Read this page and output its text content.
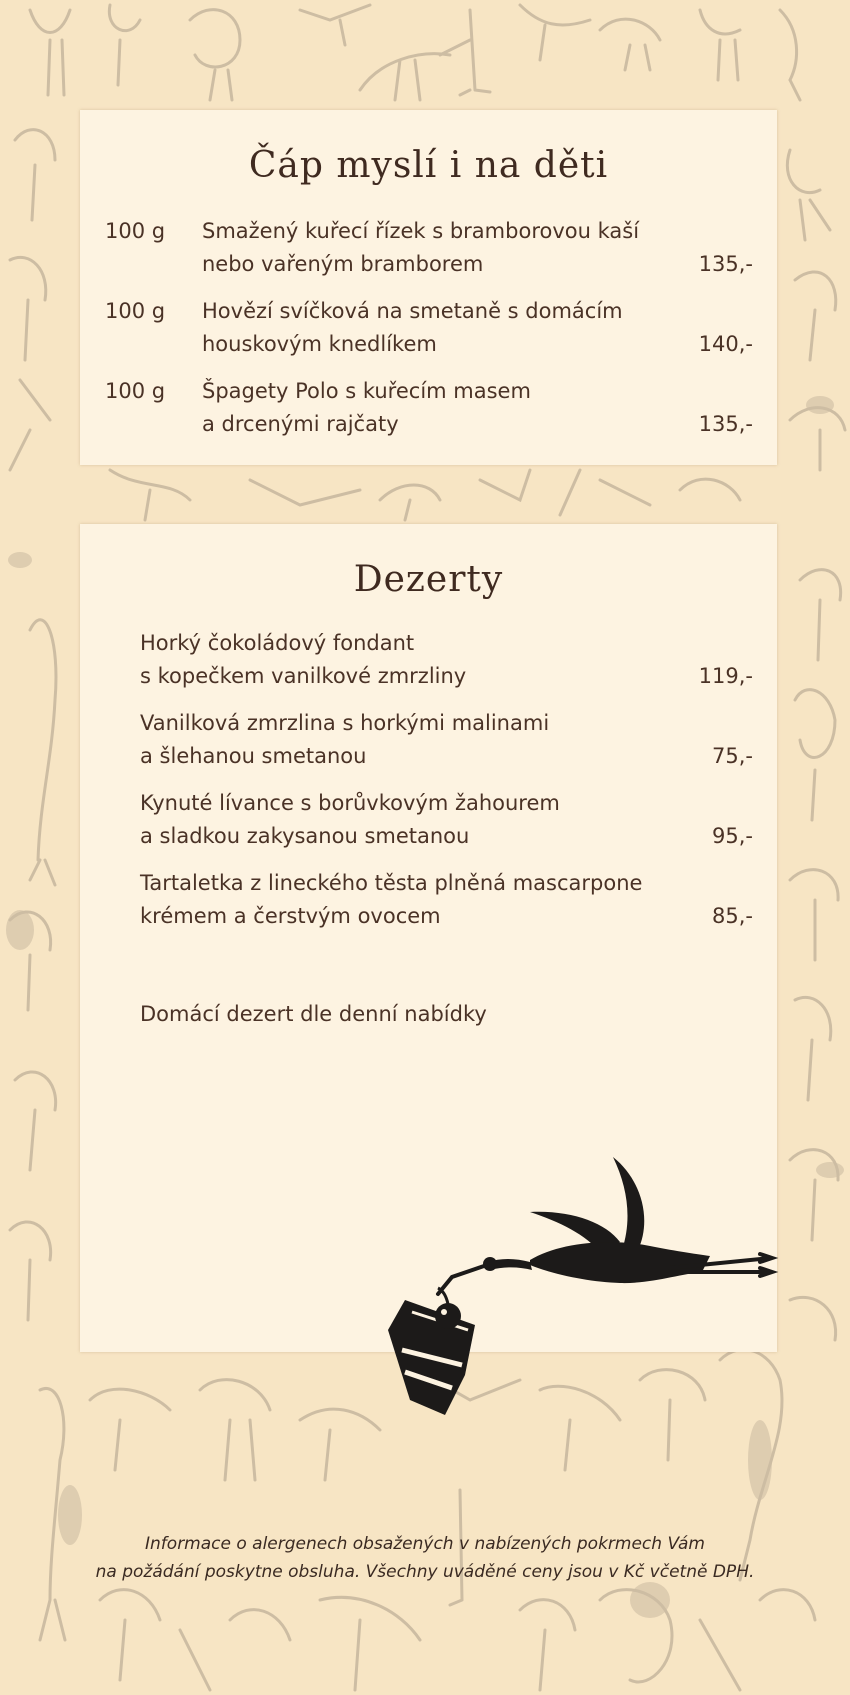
Čáp myslí i na děti
100 g Smažený kuřecí řízek s bramborovou kaší
nebo vařeným bramborem	135,-
100 g Hovězí svíčková na smetaně s domácím
houskovým knedlíkem	140,-
100 g Špagety Polo s kuřecím masem
a drcenými rajčaty	135,-
Dezerty
Horký čokoládový fondant
s kopečkem vanilkové zmrzliny	119,-
Vanilková zmrzlina s horkými malinami
a šlehanou smetanou	75,-
Kynuté lívance s borůvkovým žahourem
a sladkou zakysanou smetanou	95,-
Tartaletka z lineckého těsta plněná mascarpone
krémem a čerstvým ovocem	85,-
Domácí dezert dle denní nabídky
Informace o alergenech obsažených v nabízených pokrmech Vám
na požádání poskytne obsluha. Všechny uváděné ceny jsou v Kč včetně DPH.
